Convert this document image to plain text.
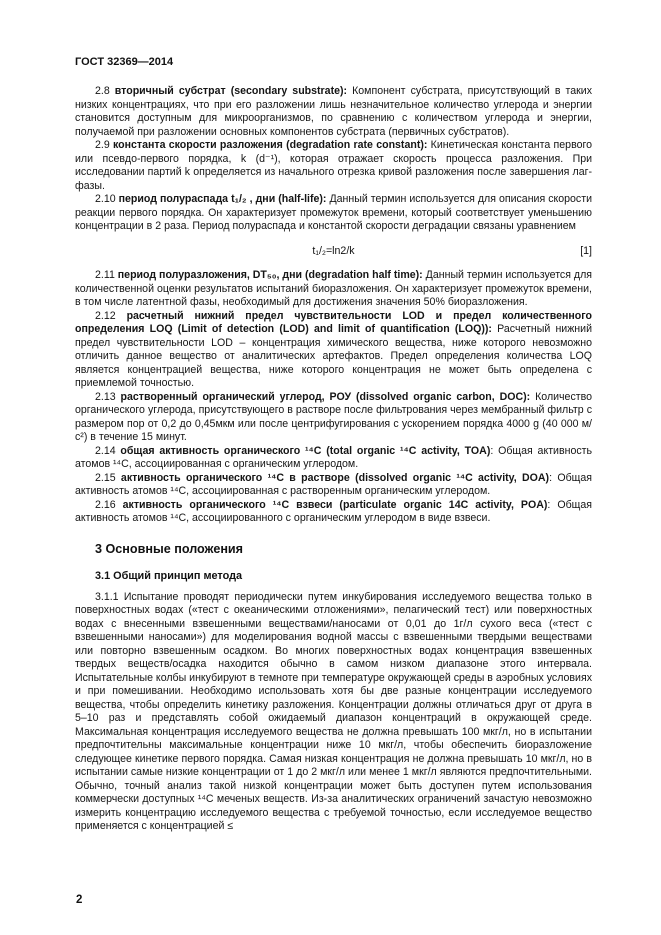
ГОСТ 32369—2014

2.8 вторичный субстрат (secondary substrate): Компонент субстрата, присутствующий в таких низких концентрациях, что при его разложении лишь незначительное количество углерода и энергии становится доступным для микроорганизмов, по сравнению с количеством углерода и энергии, получаемой при разложении основных компонентов субстрата (первичных субстратов).

2.9 константа скорости разложения (degradation rate constant): Кинетическая константа первого или псевдо-первого порядка, k (d⁻¹), которая отражает скорость процесса разложения. При исследовании партий k определяется из начального отрезка кривой разложения после завершения лаг-фазы.

2.10 период полураспада t₁/₂ , дни (half-life): Данный термин используется для описания скорости реакции первого порядка. Он характеризует промежуток времени, который соответствует уменьшению концентрации в 2 раза. Период полураспада и константой скорости деградации связаны уравнением

t₁/₂=ln2/k	[1]

2.11 период полуразложения, DT₅₀, дни (degradation half time): Данный термин используется для количественной оценки результатов испытаний биоразложения. Он характеризует промежуток времени, в том числе латентной фазы, необходимый для достижения значения 50% биоразложения.

2.12 расчетный нижний предел чувствительности LOD и предел количественного определения LOQ (Limit of detection (LOD) and limit of quantification (LOQ)): Расчетный нижний предел чувствительности LOD – концентрация химического вещества, ниже которого невозможно отличить данное вещество от аналитических артефактов. Предел определения количества LOQ является концентрацией вещества, ниже которого концентрация не может быть определена с приемлемой точностью.

2.13 растворенный органический углерод, РОУ (dissolved organic carbon, DOC): Количество органического углерода, присутствующего в растворе после фильтрования через мембранный фильтр с размером пор от 0,2 до 0,45мкм или после центрифугирования с ускорением порядка 4000 g (40 000 м/с²) в течение 15 минут.

2.14 общая активность органического ¹⁴C (total organic ¹⁴C activity, TOA): Общая активность атомов ¹⁴C, ассоциированная с органическим углеродом.

2.15 активность органического ¹⁴C в растворе (dissolved organic ¹⁴C activity, DOA): Общая активность атомов ¹⁴C, ассоциированная с растворенным органическим углеродом.

2.16 активность органического ¹⁴C взвеси (particulate organic 14C activity, POA): Общая активность атомов ¹⁴C, ассоциированного с органическим углеродом в виде взвеси.

3 Основные положения
3.1 Общий принцип метода

3.1.1 Испытание проводят периодически путем инкубирования исследуемого вещества только в поверхностных водах («тест с океаническими отложениями», пелагический тест) или поверхностных водах с внесенными взвешенными веществами/наносами от 0,01 до 1г/л сухого веса («тест с взвешенными наносами») для моделирования водной массы с взвешенными твердыми веществами или повторно взвешенным осадком. Во многих поверхностных водах концентрация взвешенных твердых веществ/осадка находится обычно в самом низком диапазоне этого интервала. Испытательные колбы инкубируют в темноте при температуре окружающей среды в аэробных условиях и при помешивании. Необходимо использовать хотя бы две разные концентрации исследуемого вещества, чтобы определить кинетику разложения. Концентрации должны отличаться друг от друга в 5–10 раз и представлять собой ожидаемый диапазон концентраций в окружающей среде. Максимальная концентрация исследуемого вещества не должна превышать 100 мкг/л, но в испытании предпочтительны максимальные концентрации ниже 10 мкг/л, чтобы обеспечить биоразложение следующее кинетике первого порядка. Самая низкая концентрация не должна превышать 10 мкг/л, но в испытании самые низкие концентрации от 1 до 2 мкг/л или менее 1 мкг/л являются предпочтительными. Обычно, точный анализ такой низкой концентрации может быть доступен путем использования коммерчески доступных ¹⁴C меченых веществ. Из-за аналитических ограничений зачастую невозможно измерить концентрацию исследуемого вещества с требуемой точностью, если исследуемое вещество применяется с концентрацией ≤

2
